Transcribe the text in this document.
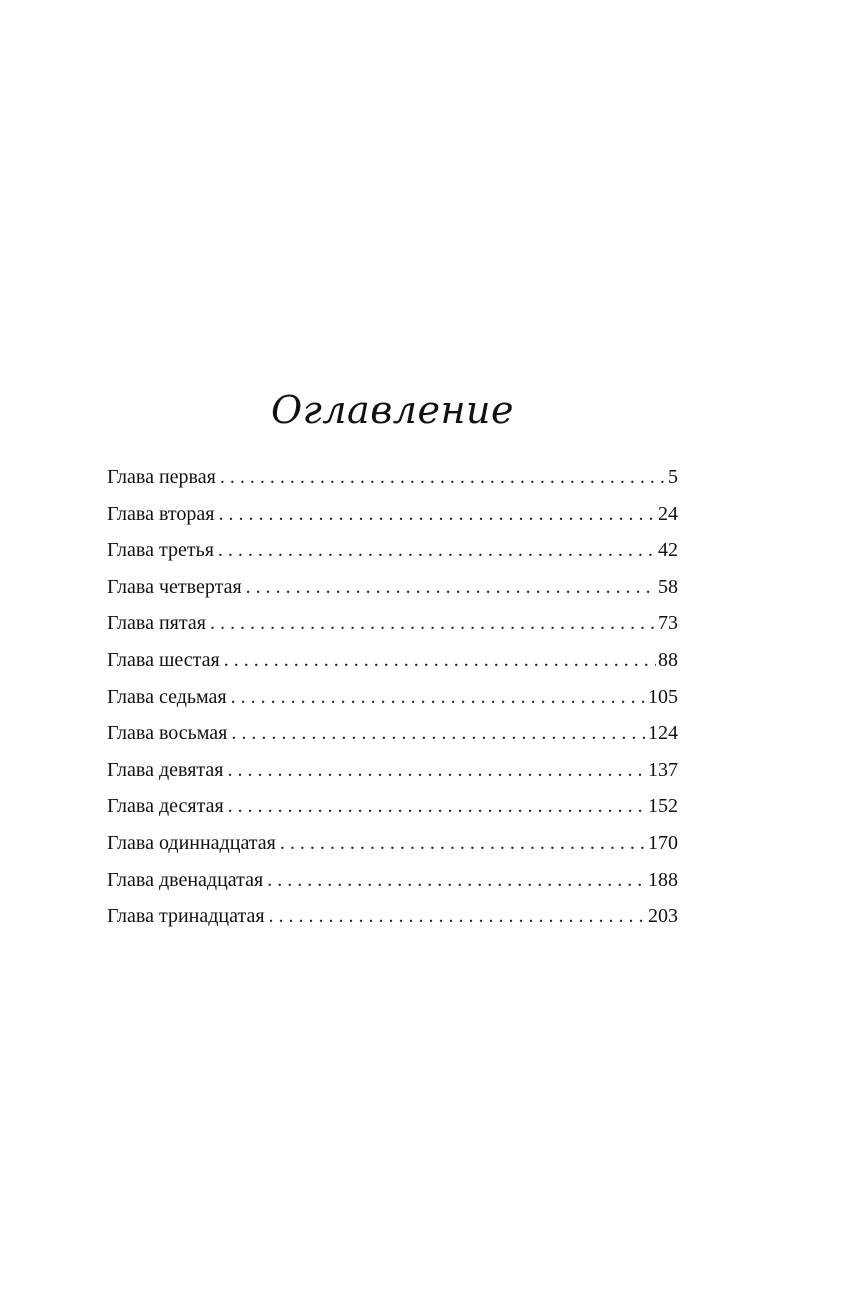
Оглавление
Глава первая . . .	5
Глава вторая . . .	24
Глава третья . . .	42
Глава четвертая . . .	58
Глава пятая . . .	73
Глава шестая . . .	88
Глава седьмая . . .	105
Глава восьмая . . .	124
Глава девятая . . .	137
Глава десятая . . .	152
Глава одиннадцатая . . .	170
Глава двенадцатая . . .	188
Глава тринадцатая . . .	203
